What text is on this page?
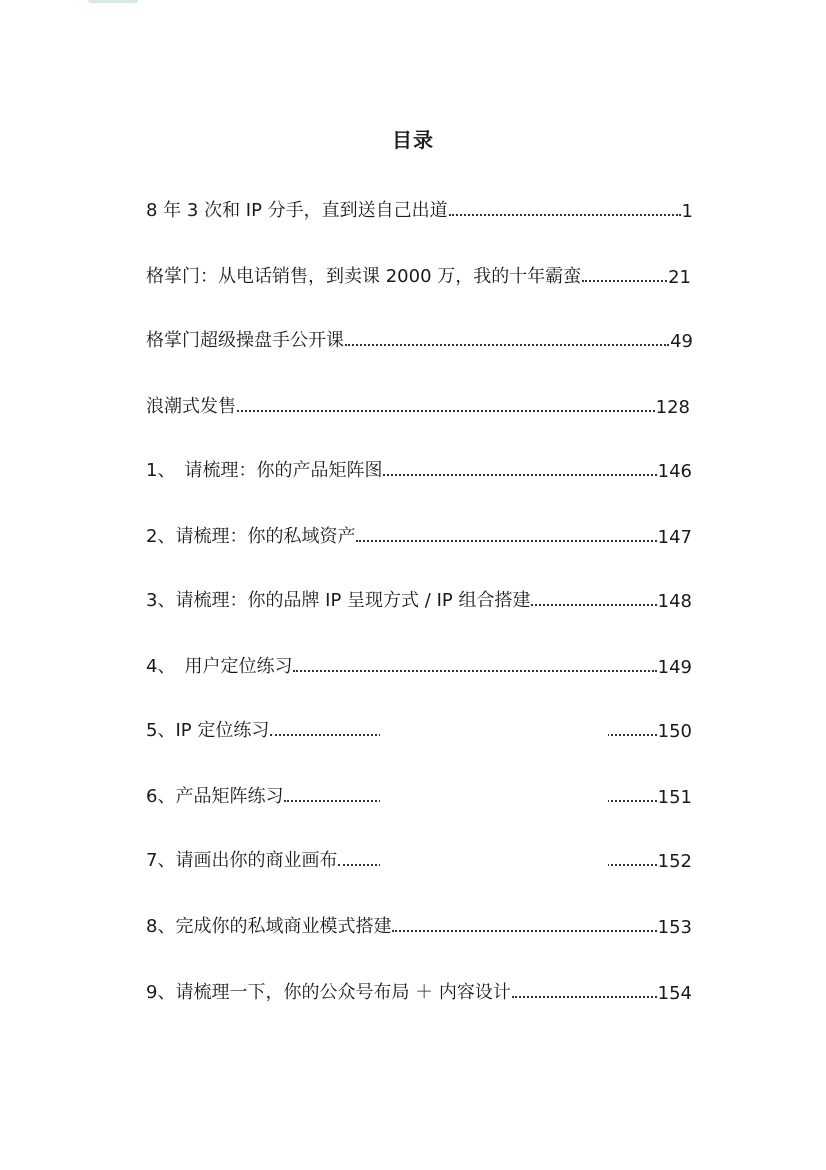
目录
8 年 3 次和 IP 分手，直到送自己出道	1
格掌门：从电话销售，到卖课 2000 万，我的十年霸蛮	21
格掌门超级操盘手公开课	49
浪潮式发售	128
1、　请梳理：你的产品矩阵图	146
2、请梳理：你的私域资产	147
3、请梳理：你的品牌 IP 呈现方式 / IP 组合搭建	148
4、　用户定位练习	149
5、IP 定位练习	150
6、产品矩阵练习	151
7、请画出你的商业画布	152
8、完成你的私域商业模式搭建	153
9、请梳理一下，你的公众号布局 ＋ 内容设计	154
